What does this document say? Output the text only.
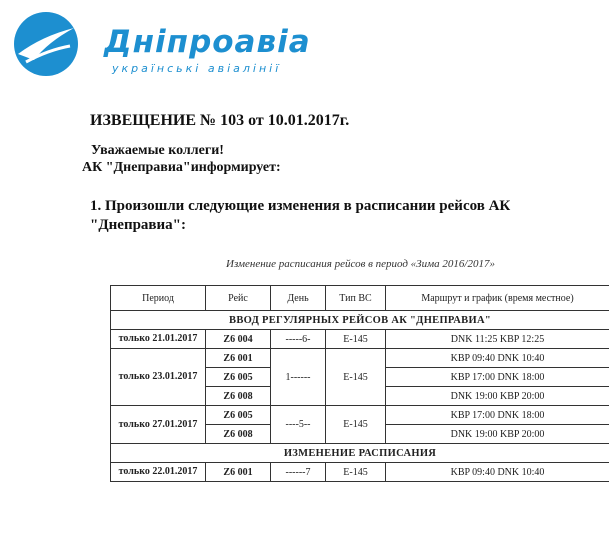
Днiпроавiа
українські авіалінії
ИЗВЕЩЕНИЕ № 103 от 10.01.2017г.
Уважаемые коллеги!
АК "Днеправиа"информирует:
1. Произошли следующие изменения в расписании рейсов АК
"Днеправиа":
Изменение расписания рейсов в период «Зима 2016/2017»
Период	Рейс	День	Тип ВС	Маршрут и график (время местное)
ВВОД РЕГУЛЯРНЫХ РЕЙСОВ АК "ДНЕПРАВИА"				
только 21.01.2017	Z6 004	-----6-	E-145	DNK 11:25 KBP 12:25
только 23.01.2017	Z6 001	1------	E-145	KBP 09:40 DNK 10:40
	Z6 005			KBP 17:00 DNK 18:00
	Z6 008			DNK 19:00 KBP 20:00
только 27.01.2017	Z6 005	----5--	E-145	KBP 17:00 DNK 18:00
	Z6 008			DNK 19:00 KBP 20:00
ИЗМЕНЕНИЕ РАСПИСАНИЯ				
только 22.01.2017	Z6 001	------7	E-145	KBP 09:40 DNK 10:40
